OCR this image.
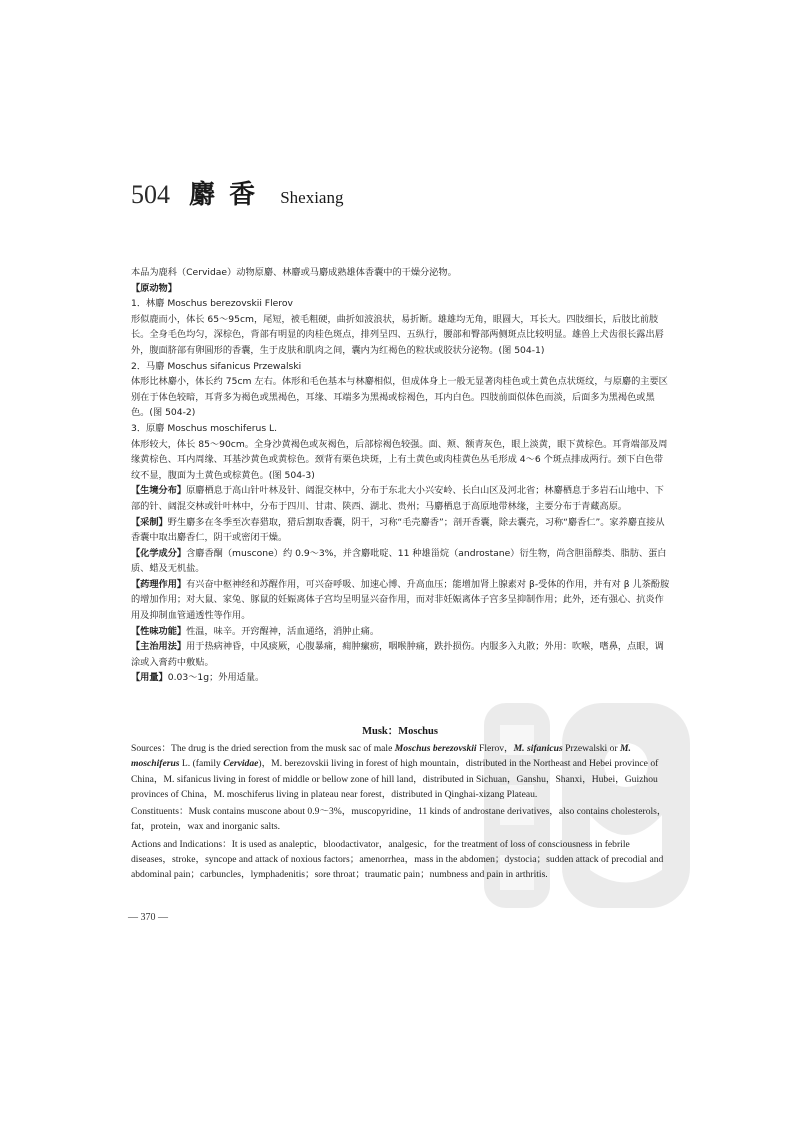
504 麝香 Shexiang

本品为鹿科（Cervidae）动物原麝、林麝或马麝成熟雄体香囊中的干燥分泌物。

【原动物】

1．林麝 Moschus berezovskii Flerov

形似鹿而小，体长 65～95cm，尾短，被毛粗硬，曲折如波浪状，易折断。雄雄均无角，眼圆大，耳长大。四肢细长，后肢比前肢长。全身毛色均匀，深棕色，背部有明显的肉桂色斑点，排列呈四、五纵行，腰部和臀部两侧斑点比较明显。雄兽上犬齿很长露出唇外，腹面脐部有卵圆形的香囊，生于皮肤和肌肉之间，囊内为红褐色的粒状或胶状分泌物。(图 504-1)

2．马麝 Moschus sifanicus Przewalski

体形比林麝小，体长约 75cm 左右。体形和毛色基本与林麝相似，但成体身上一般无显著肉桂色或土黄色点状斑纹，与原麝的主要区别在于体色较暗，耳背多为褐色或黑褐色，耳缘、耳端多为黑褐或棕褐色，耳内白色。四肢前面似体色而淡，后面多为黑褐色或黑色。(图 504-2)

3．原麝 Moschus moschiferus L.

体形较大，体长 85～90cm。全身沙黄褐色或灰褐色，后部棕褐色较强。面、颊、额青灰色，眼上淡黄，眼下黄棕色。耳背端部及周缘黄棕色、耳内周缘、耳基沙黄色或黄棕色。颈背有栗色块斑，上有土黄色或肉桂黄色丛毛形成 4～6 个斑点排成两行。颈下白色带纹不显，腹面为土黄色或棕黄色。(图 504-3)

【生境分布】原麝栖息于高山针叶林及针、阔混交林中，分布于东北大小兴安岭、长白山区及河北省；林麝栖息于多岩石山地中、下部的针、阔混交林或针叶林中，分布于四川、甘肃、陕西、湖北、贵州；马麝栖息于高原地带林缘，主要分布于青藏高原。

【采制】野生麝多在冬季至次春猎取，猎后割取香囊，阴干，习称“毛壳麝香”；剖开香囊，除去囊壳，习称“麝香仁”。家养麝直接从香囊中取出麝香仁，阴干或密闭干燥。

【化学成分】含麝香酮（muscone）约 0.9～3%，并含麝吡啶、11 种雄甾烷（androstane）衍生物，尚含胆甾醇类、脂肪、蛋白质、蜡及无机盐。

【药理作用】有兴奋中枢神经和苏醒作用，可兴奋呼吸、加速心博、升高血压；能增加肾上腺素对 β-受体的作用，并有对 β 儿茶酚胺的增加作用；对大鼠、家兔、豚鼠的妊娠离体子宫均呈明显兴奋作用，而对非妊娠离体子宫多呈抑制作用；此外，还有强心、抗炎作用及抑制血管通透性等作用。

【性味功能】性温，味辛。开窍醒神，活血通络，消肿止痛。

【主治用法】用于热病神昏，中风痰厥，心腹暴痛，痈肿瘰疬，咽喉肿痛，跌扑损伤。内服多入丸散；外用：吹喉，嗜鼻，点眼，调涂或入膏药中敷贴。

【用量】0.03～1g；外用适量。

Musk：Moschus

Sources：The drug is the dried serection from the musk sac of male Moschus berezovskii Flerov，M. sifanicus Przewalski or M. moschiferus L. (family Cervidae)，M. berezovskii living in forest of high mountain，distributed in the Northeast and Hebei province of China，M. sifanicus living in forest of middle or bellow zone of hill land，distributed in Sichuan，Ganshu，Shanxi，Hubei，Guizhou provinces of China，M. moschiferus living in plateau near forest，distributed in Qinghai-xizang Plateau.

Constituents：Musk contains muscone about 0.9～3%，muscopyridine，11 kinds of androstane derivatives，also contains cholesterols，fat，protein，wax and inorganic salts.

Actions and Indications：It is used as analeptic，bloodactivator，analgesic，for the treatment of loss of consciousness in febrile diseases，stroke，syncope and attack of noxious factors；amenorrhea，mass in the abdomen；dystocia；sudden attack of precodial and abdominal pain；carbuncles，lymphadenitis；sore throat；traumatic pain；numbness and pain in arthritis.

— 370 —
